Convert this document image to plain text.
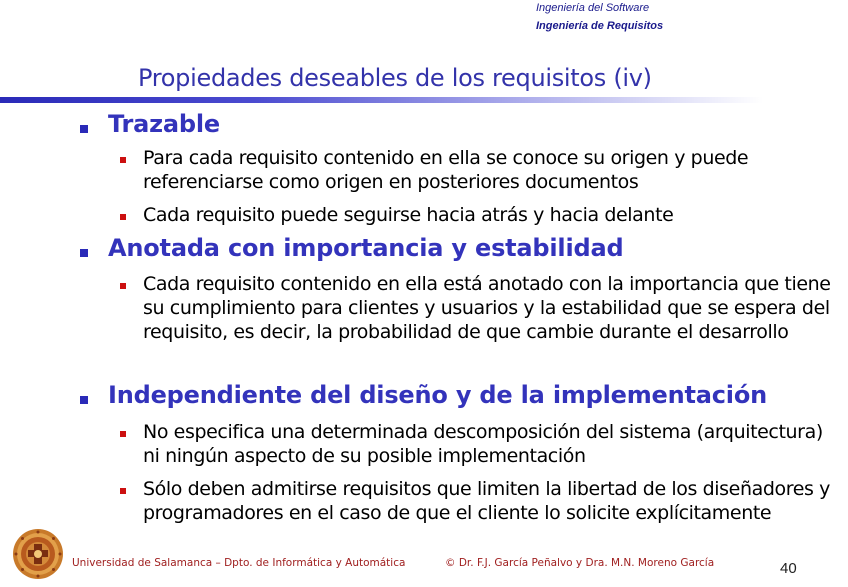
Ingeniería del Software
Ingeniería de Requisitos
Propiedades deseables de los requisitos (iv)
Trazable
Para cada requisito contenido en ella se conoce su origen y puede referenciarse como origen en posteriores documentos
Cada requisito puede seguirse hacia atrás y hacia delante
Anotada con importancia y estabilidad
Cada requisito contenido en ella está anotado con la importancia que tiene su cumplimiento para clientes y usuarios y la estabilidad que se espera del requisito, es decir, la probabilidad de que cambie durante el desarrollo
Independiente del diseño y de la implementación
No especifica una determinada descomposición del sistema (arquitectura) ni ningún aspecto de su posible implementación
Sólo deben admitirse requisitos que limiten la libertad de los diseñadores y programadores en el caso de que el cliente lo solicite explícitamente
Universidad de Salamanca – Dpto. de Informática y Automática	© Dr. F.J. García Peñalvo y Dra. M.N. Moreno García	40
